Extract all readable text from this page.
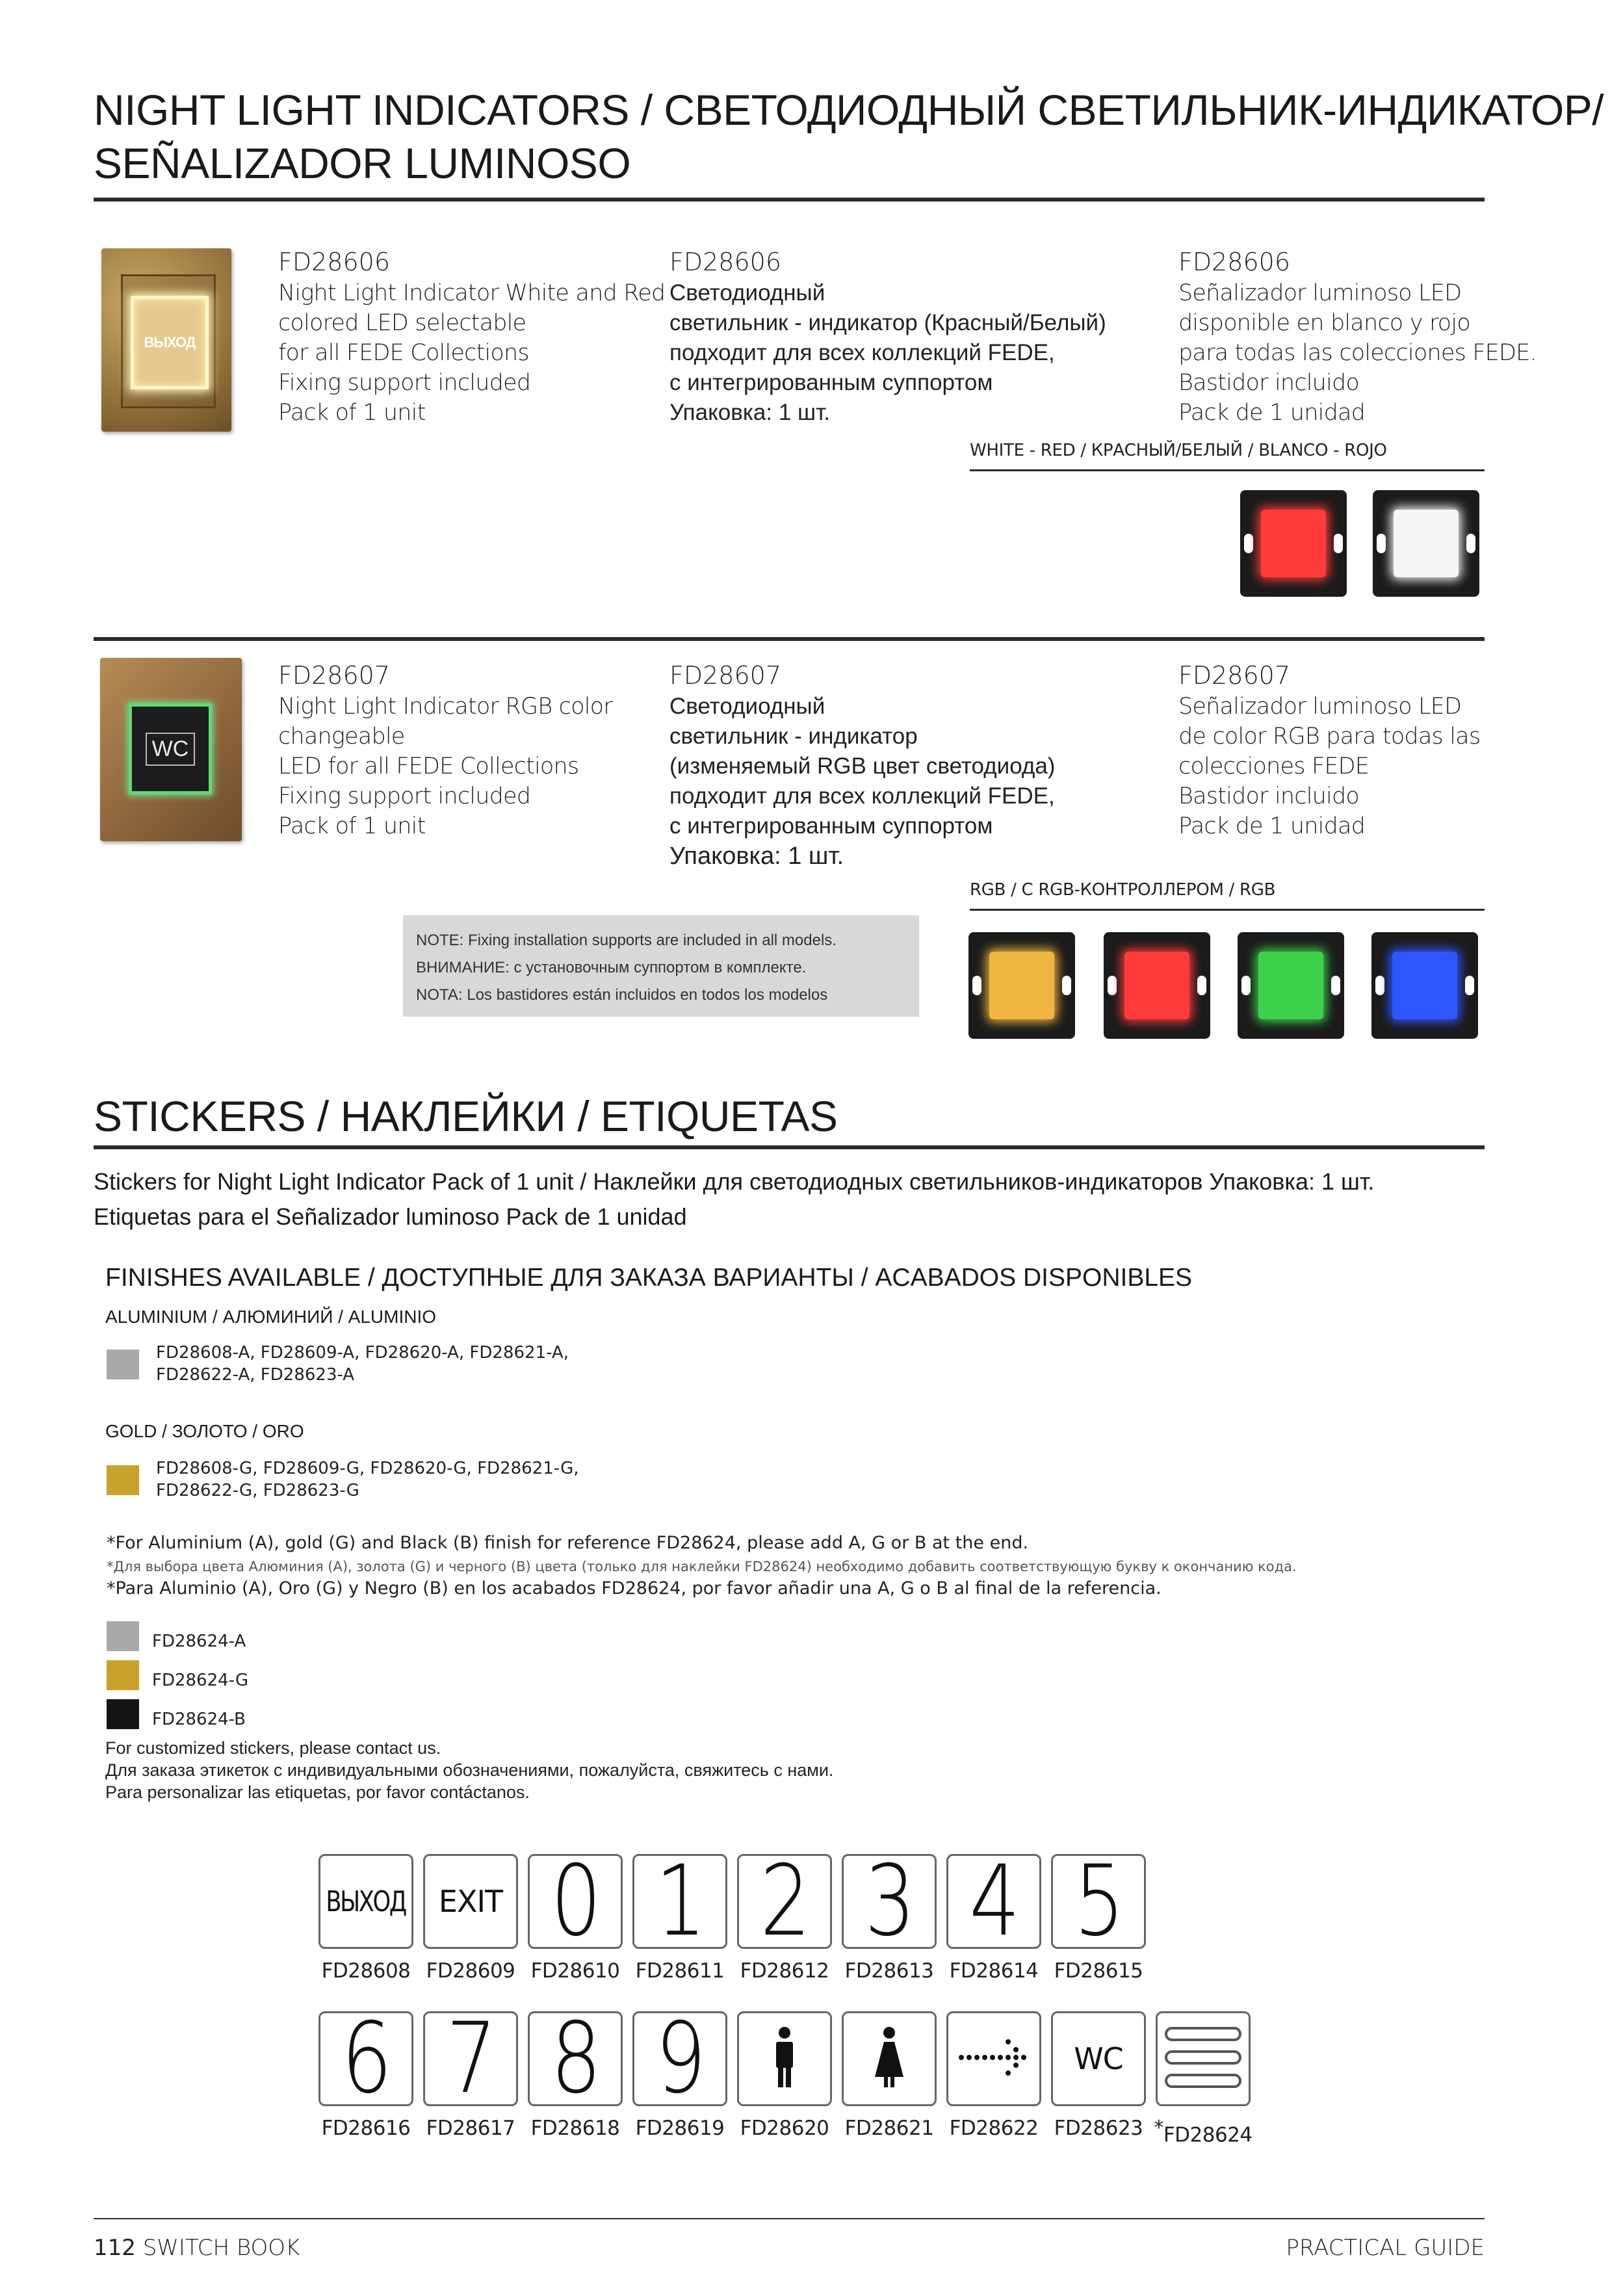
NIGHT LIGHT INDICATORS / СВЕТОДИОДНЫЙ СВЕТИЛЬНИК-ИНДИКАТОР/
SEÑALIZADOR LUMINOSO
ВЫХОД
FD28606
Night Light Indicator White and Red
colored LED selectable
for all FEDE Collections
Fixing support included
Pack of 1 unit
FD28606
Светодиодный
светильник - индикатор (Красный/Белый)
подходит для всех коллекций FEDE,
с интегрированным суппортом
Упаковка: 1 шт.
FD28606
Señalizador luminoso LED
disponible en blanco y rojo
para todas las colecciones FEDE.
Bastidor incluido
Pack de 1 unidad
WHITE - RED / КРАСНЫЙ/БЕЛЫЙ / BLANCO - ROJO
WC
FD28607
Night Light Indicator RGB color
changeable
LED for all FEDE Collections
Fixing support included
Pack of 1 unit
FD28607
Светодиодный
светильник - индикатор
(изменяемый RGB цвет светодиода)
подходит для всех коллекций FEDE,
с интегрированным суппортом
Упаковка: 1 шт.
FD28607
Señalizador luminoso LED
de color RGB para todas las
colecciones FEDE
Bastidor incluido
Pack de 1 unidad
RGB / С RGB-КОНТРОЛЛЕРОМ / RGB
NOTE: Fixing installation supports are included in all models.
ВНИМАНИЕ: с установочным суппортом в комплекте.
NOTA: Los bastidores están incluidos en todos los modelos
STICKERS / НАКЛЕЙКИ / ETIQUETAS
Stickers for Night Light Indicator Pack of 1 unit / Наклейки для светодиодных светильников-индикаторов Упаковка: 1 шт.
Etiquetas para el Señalizador luminoso Pack de 1 unidad
FINISHES AVAILABLE / ДОСТУПНЫЕ ДЛЯ ЗАКАЗА ВАРИАНТЫ / ACABADOS DISPONIBLES
ALUMINIUM / АЛЮМИНИЙ / ALUMINIO
FD28608-A, FD28609-A, FD28620-A, FD28621-A,
FD28622-A, FD28623-A
GOLD / ЗОЛОТО / ORO
FD28608-G, FD28609-G, FD28620-G, FD28621-G,
FD28622-G, FD28623-G
*For Aluminium (A), gold (G) and Black (B) finish for reference FD28624, please add A, G or B at the end.
*Для выбора цвета Алюминия (A), золота (G) и черного (B) цвета (только для наклейки FD28624) необходимо добавить соответствующую букву к окончанию кода.
*Para Aluminio (A), Oro (G) y Negro (B) en los acabados FD28624, por favor añadir una A, G o B al final de la referencia.
FD28624-A
FD28624-G
FD28624-B
For customized stickers, please contact us.
Для заказа этикеток с индивидуальными обозначениями, пожалуйста, свяжитесь с нами.
Para personalizar las etiquetas, por favor contáctanos.
ВЫХОД
FD28608
EXIT
FD28609
0
FD28610
1
FD28611
2
FD28612
3
FD28613
4
FD28614
5
FD28615
6
FD28616
7
FD28617
8
FD28618
9
FD28619 FD28620 FD28621 FD28622
WC
FD28623 *FD28624
112 SWITCH BOOK	PRACTICAL GUIDE
